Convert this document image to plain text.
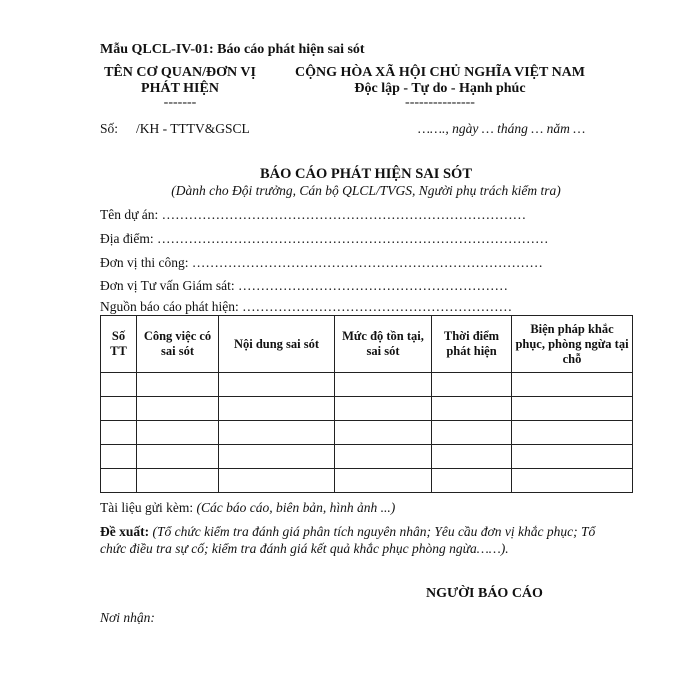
Mẫu QLCL-IV-01: Báo cáo phát hiện sai sót
TÊN CƠ QUAN/ĐƠN VỊ
PHÁT HIỆN
-------
CỘNG HÒA XÃ HỘI CHỦ NGHĨA VIỆT NAM
Độc lập - Tự do - Hạnh phúc
---------------
Số: /KH - TTTV&GSCL	……., ngày … tháng … năm …
BÁO CÁO PHÁT HIỆN SAI SÓT
(Dành cho Đội trưởng, Cán bộ QLCL/TVGS, Người phụ trách kiểm tra)
Tên dự án: ………………………………………………………………………
Địa điểm: ……………………………………………………………………………
Đơn vị thi công: ……………………………………………………………………
Đơn vị Tư vấn Giám sát: ……………………………………………………
Nguồn báo cáo phát hiện: ……………………………………………………
Số TT	Công việc có sai sót	Nội dung sai sót	Mức độ tồn tại, sai sót	Thời điểm phát hiện	Biện pháp khắc phục, phòng ngừa tại chỗ

Tài liệu gửi kèm: (Các báo cáo, biên bản, hình ảnh ...)
Đề xuất: (Tổ chức kiểm tra đánh giá phân tích nguyên nhân; Yêu cầu đơn vị khắc phục; Tổ
chức điều tra sự cố; kiểm tra đánh giá kết quả khắc phục phòng ngừa……).
NGƯỜI BÁO CÁO
Nơi nhận:
